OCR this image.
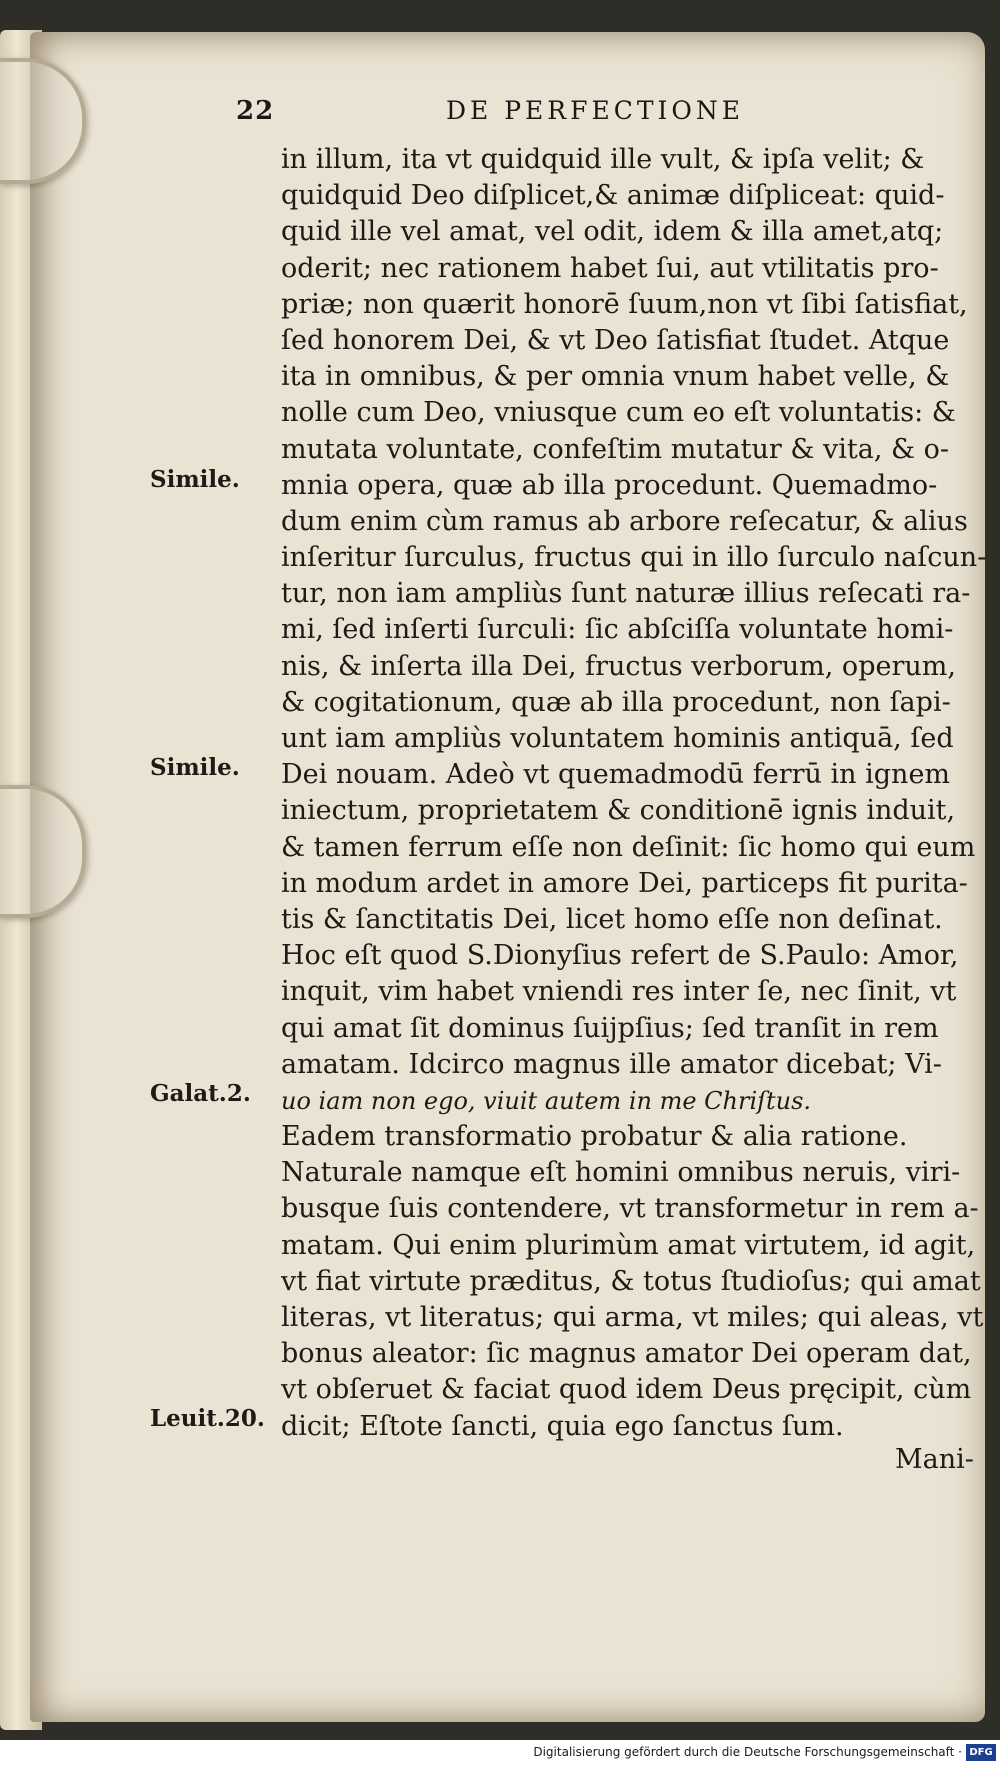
22	DE PERFECTIONE
in illum, ita vt quidquid ille vult, & ipſa velit; &
quidquid Deo diſplicet,& animæ diſpliceat: quid-
quid ille vel amat, vel odit, idem & illa amet,atq;
oderit; nec rationem habet ſui, aut vtilitatis pro-
priæ; non quærit honorē ſuum,non vt ſibi ſatisfiat,
ſed honorem Dei, & vt Deo ſatisfiat ſtudet. Atque
ita in omnibus, & per omnia vnum habet velle, &
nolle cum Deo, vniusque cum eo eſt voluntatis: &
mutata voluntate, confeſtim mutatur & vita, & o-
mnia opera, quæ ab illa procedunt. Quemadmo-
dum enim cùm ramus ab arbore reſecatur, & alius
inſeritur ſurculus, fructus qui in illo ſurculo naſcun-
tur, non iam ampliùs ſunt naturæ illius reſecati ra-
mi, ſed inſerti ſurculi: ſic abſciſſa voluntate homi-
nis, & inſerta illa Dei, fructus verborum, operum,
& cogitationum, quæ ab illa procedunt, non ſapi-
unt iam ampliùs voluntatem hominis antiquā, ſed
Dei nouam. Adeò vt quemadmodū ferrū in ignem
iniectum, proprietatem & conditionē ignis induit,
& tamen ferrum eſſe non deſinit: ſic homo qui eum
in modum ardet in amore Dei, particeps fit purita-
tis & ſanctitatis Dei, licet homo eſſe non deſinat.
Hoc eſt quod S.Dionyſius refert de S.Paulo: Amor,
inquit, vim habet vniendi res inter ſe, nec ſinit, vt
qui amat ſit dominus ſuijpſius; ſed tranſit in rem
amatam. Idcirco magnus ille amator dicebat; Vi-
uo iam non ego, viuit autem in me Chriſtus.
Eadem transformatio probatur & alia ratione.
Naturale namque eſt homini omnibus neruis, viri-
busque ſuis contendere, vt transformetur in rem a-
matam. Qui enim plurimùm amat virtutem, id agit,
vt fiat virtute præditus, & totus ſtudioſus; qui amat
literas, vt literatus; qui arma, vt miles; qui aleas, vt
bonus aleator: ſic magnus amator Dei operam dat,
vt obſeruet & faciat quod idem Deus pręcipit, cùm
dicit; Eſtote ſancti, quia ego ſanctus ſum.
Simile.
Simile.
Galat.2.
Leuit.20.
Mani-
Digitalisierung gefördert durch die Deutsche Forschungsgemeinschaft · DFG
